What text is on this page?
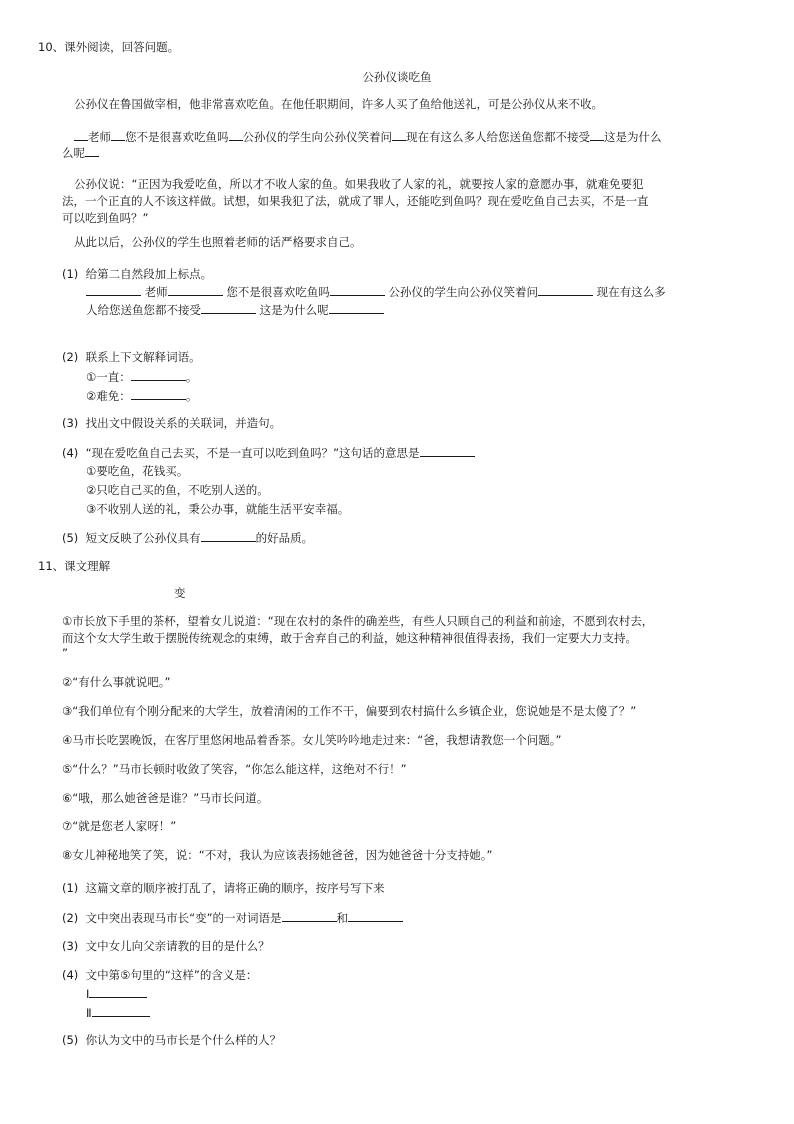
10、课外阅读，回答问题。
公孙仪谈吃鱼
公孙仪在鲁国做宰相，他非常喜欢吃鱼。在他任职期间，许多人买了鱼给他送礼，可是公孙仪从来不收。
老师 您不是很喜欢吃鱼吗 公孙仪的学生向公孙仪笑着问 现在有这么多人给您送鱼您都不接受 这是为什么
么呢
公孙仪说：“正因为我爱吃鱼，所以才不收人家的鱼。如果我收了人家的礼，就要按人家的意愿办事，就难免要犯
法，一个正直的人不该这样做。试想，如果我犯了法，就成了罪人，还能吃到鱼吗？现在爱吃鱼自己去买，不是一直
可以吃到鱼吗？”
从此以后，公孙仪的学生也照着老师的话严格要求自己。
(1) 给第二自然段加上标点。
老师	您不是很喜欢吃鱼吗	公孙仪的学生向公孙仪笑着问	现在有这么多
人给您送鱼您都不接受	这是为什么呢
(2) 联系上下文解释词语。
①一直：	。
②难免：	。
(3) 找出文中假设关系的关联词，并造句。
(4) “现在爱吃鱼自己去买，不是一直可以吃到鱼吗？”这句话的意思是
①要吃鱼，花钱买。
②只吃自己买的鱼，不吃别人送的。
③不收别人送的礼，秉公办事，就能生活平安幸福。
(5) 短文反映了公孙仪具有	的好品质。
11、课文理解
变
①市长放下手里的茶杯，望着女儿说道：“现在农村的条件的确差些，有些人只顾自己的利益和前途，不愿到农村去，
而这个女大学生敢于摆脱传统观念的束缚，敢于舍弃自己的利益，她这种精神很值得表扬，我们一定要大力支持。
”
②“有什么事就说吧。”
③“我们单位有个刚分配来的大学生，放着清闲的工作不干，偏要到农村搞什么乡镇企业，您说她是不是太傻了？”
④马市长吃罢晚饭，在客厅里悠闲地品着香茶。女儿笑吟吟地走过来：“爸，我想请教您一个问题。”
⑤“什么？”马市长顿时收敛了笑容，“你怎么能这样，这绝对不行！”
⑥“哦，那么她爸爸是谁？”马市长问道。
⑦“就是您老人家呀！”
⑧女儿神秘地笑了笑，说：“不对，我认为应该表扬她爸爸，因为她爸爸十分支持她。”
(1) 这篇文章的顺序被打乱了，请将正确的顺序，按序号写下来
(2) 文中突出表现马市长“变”的一对词语是	和
(3) 文中女儿向父亲请教的目的是什么？
(4) 文中第⑤句里的“这样”的含义是：
Ⅰ
Ⅱ
(5) 你认为文中的马市长是个什么样的人？
